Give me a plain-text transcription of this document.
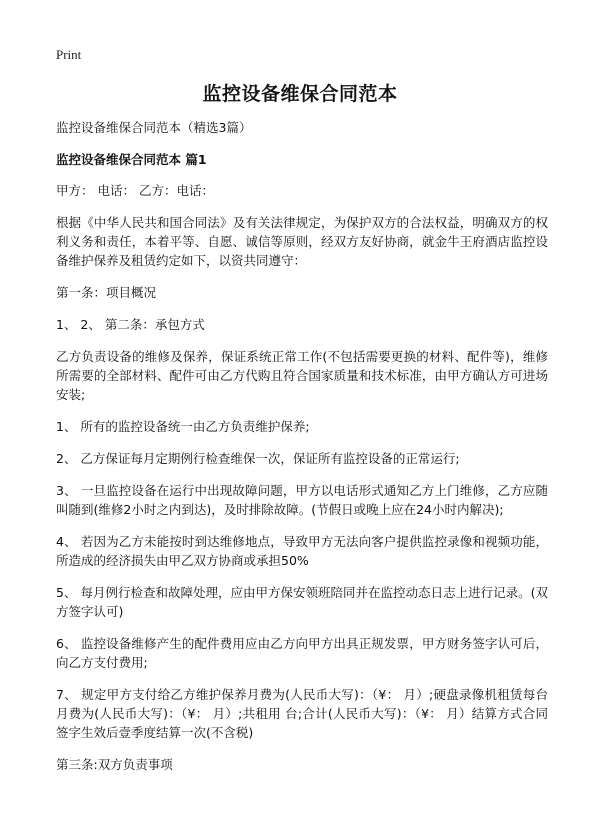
Print
监控设备维保合同范本

监控设备维保合同范本（精选3篇）

监控设备维保合同范本 篇1

甲方： 电话： 乙方：电话：

根据《中华人民共和国合同法》及有关法律规定，为保护双方的合法权益，明确双方的权利义务和责任，本着平等、自愿、诚信等原则，经双方友好协商，就金牛王府酒店监控设备维护保养及租赁约定如下，以资共同遵守：

第一条：项目概况

1、 2、 第二条：承包方式

乙方负责设备的维修及保养，保证系统正常工作(不包括需要更换的材料、配件等)，维修所需要的全部材料、配件可由乙方代购且符合国家质量和技术标准，由甲方确认方可进场安装;

1、 所有的监控设备统一由乙方负责维护保养;

2、 乙方保证每月定期例行检查维保一次，保证所有监控设备的正常运行;

3、 一旦监控设备在运行中出现故障问题，甲方以电话形式通知乙方上门维修，乙方应随叫随到(维修2小时之内到达)，及时排除故障。(节假日或晚上应在24小时内解决);

4、 若因为乙方未能按时到达维修地点，导致甲方无法向客户提供监控录像和视频功能，所造成的经济损失由甲乙双方协商或承担50%

5、 每月例行检查和故障处理，应由甲方保安领班陪同并在监控动态日志上进行记录。(双方签字认可)

6、 监控设备维修产生的配件费用应由乙方向甲方出具正规发票，甲方财务签字认可后，向乙方支付费用;

7、 规定甲方支付给乙方维护保养月费为(人民币大写)：（¥： 月）;硬盘录像机租赁每台月费为(人民币大写)：（¥： 月）;共租用 台;合计(人民币大写)：（¥： 月）结算方式合同签字生效后壹季度结算一次(不含税)

第三条:双方负责事项
